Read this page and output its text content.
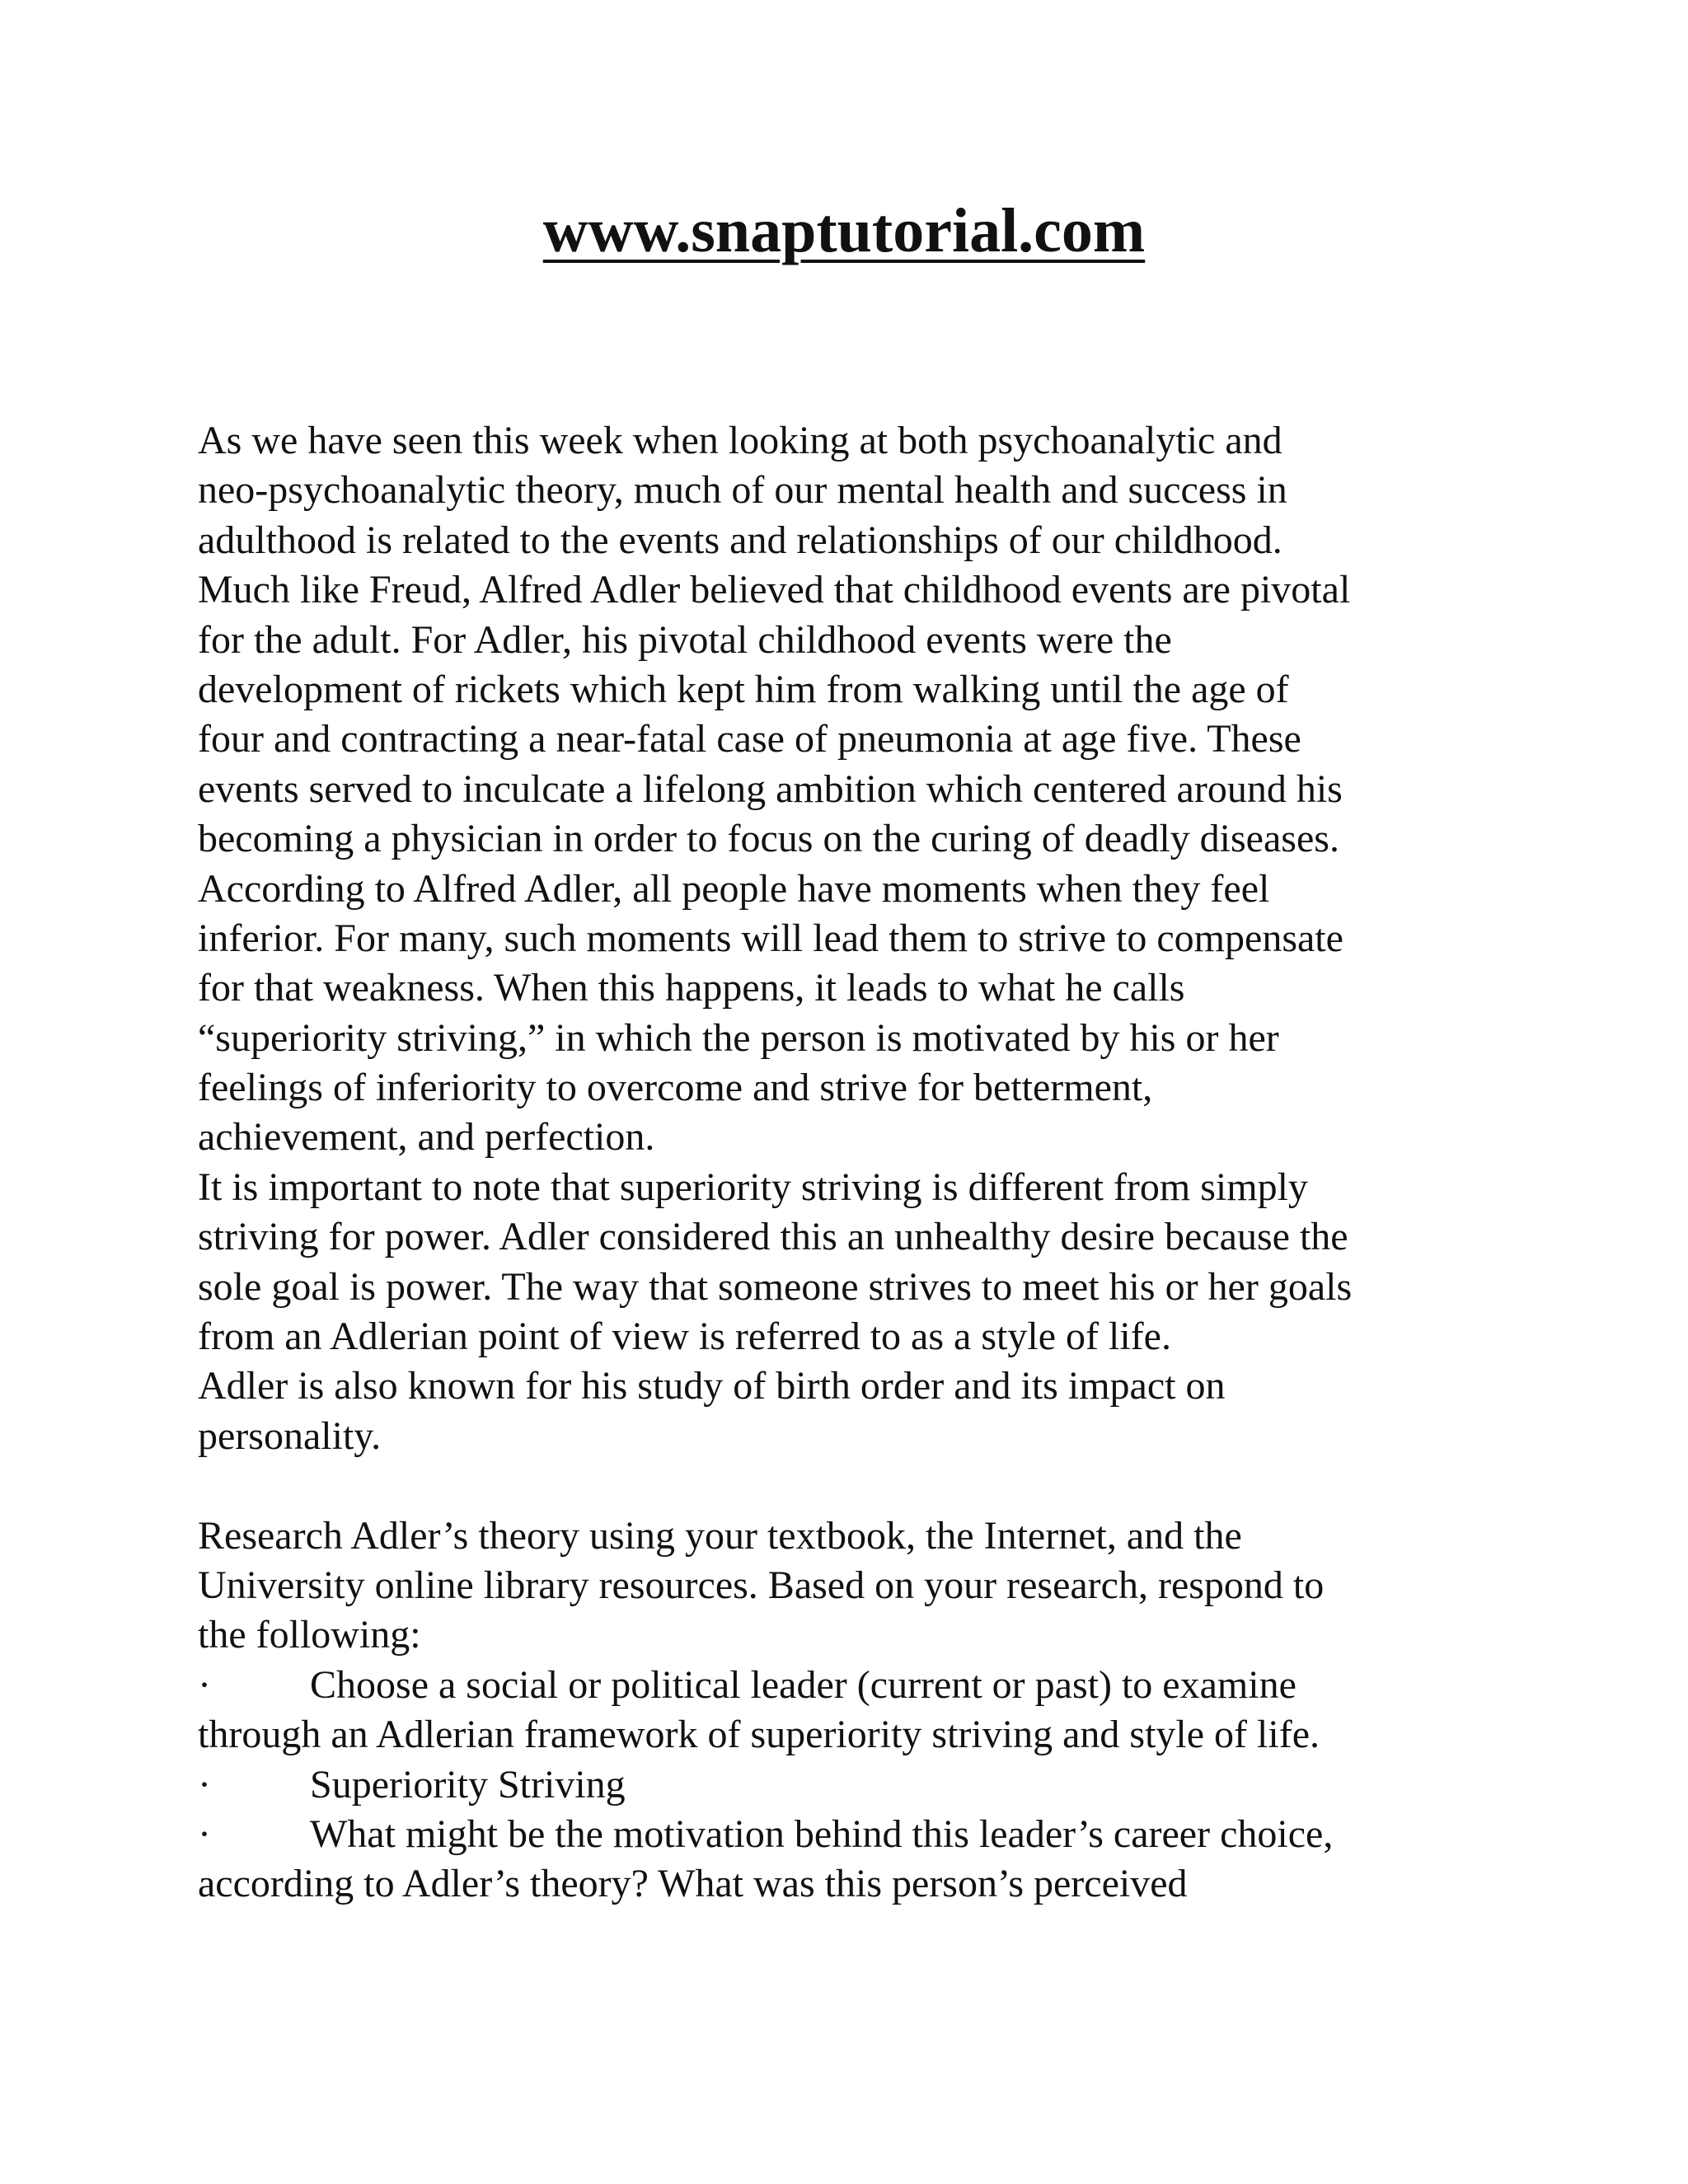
www.snaptutorial.com
As we have seen this week when looking at both psychoanalytic and
neo-psychoanalytic theory, much of our mental health and success in
adulthood is related to the events and relationships of our childhood.
Much like Freud, Alfred Adler believed that childhood events are pivotal
for the adult. For Adler, his pivotal childhood events were the
development of rickets which kept him from walking until the age of
four and contracting a near-fatal case of pneumonia at age five. These
events served to inculcate a lifelong ambition which centered around his
becoming a physician in order to focus on the curing of deadly diseases.
According to Alfred Adler, all people have moments when they feel
inferior. For many, such moments will lead them to strive to compensate
for that weakness. When this happens, it leads to what he calls
“superiority striving,” in which the person is motivated by his or her
feelings of inferiority to overcome and strive for betterment,
achievement, and perfection.
It is important to note that superiority striving is different from simply
striving for power. Adler considered this an unhealthy desire because the
sole goal is power. The way that someone strives to meet his or her goals
from an Adlerian point of view is referred to as a style of life.
Adler is also known for his study of birth order and its impact on
personality.
Research Adler’s theory using your textbook, the Internet, and the
University online library resources. Based on your research, respond to
the following:
·	Choose a social or political leader (current or past) to examine
through an Adlerian framework of superiority striving and style of life.
·	Superiority Striving
·	What might be the motivation behind this leader’s career choice,
according to Adler’s theory? What was this person’s perceived
